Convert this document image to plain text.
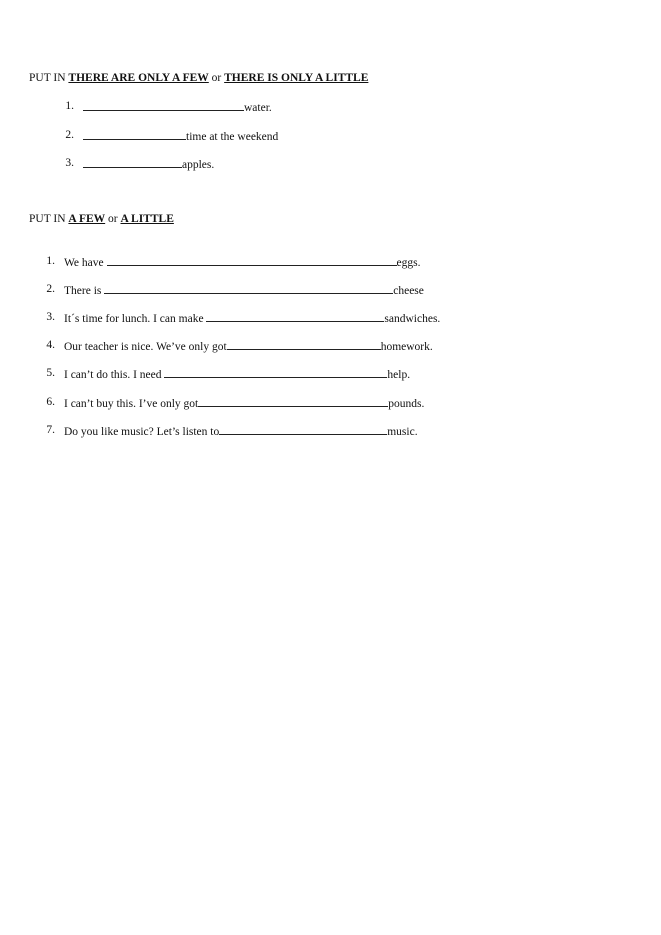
PUT IN THERE ARE ONLY A FEW or THERE IS ONLY A LITTLE
1.	water.
2.	time at the weekend
3.	apples.
PUT IN A FEW or A LITTLE
1. We have	eggs.
2. There is	cheese
3. It´s time for lunch. I can make	sandwiches.
4. Our teacher is nice. We’ve only got	homework.
5. I can’t do this. I need	help.
6. I can’t buy this. I’ve only got	pounds.
7. Do you like music? Let’s listen to	music.
